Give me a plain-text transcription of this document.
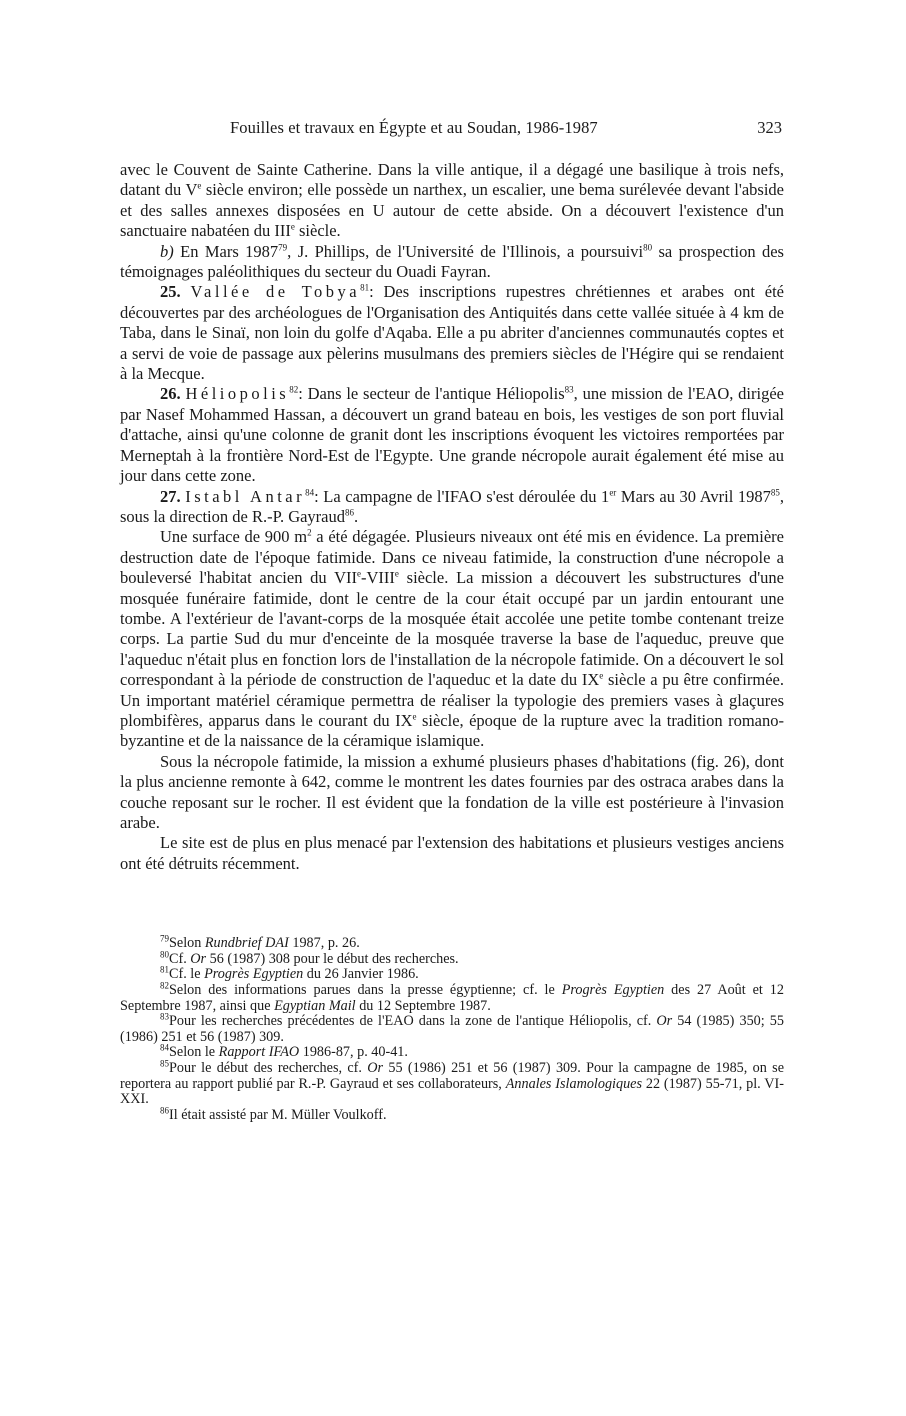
Fouilles et travaux en Égypte et au Soudan, 1986-1987	323

avec le Couvent de Sainte Catherine. Dans la ville antique, il a dégagé une basilique à trois nefs, datant du Ve siècle environ; elle possède un narthex, un escalier, une bema surélevée devant l'abside et des salles annexes disposées en U autour de cette abside. On a découvert l'existence d'un sanctuaire nabatéen du IIIe siècle.

b) En Mars 1987$^{79}$, J. Phillips, de l'Université de l'Illinois, a poursuivi$^{80}$ sa prospection des témoignages paléolithiques du secteur du Ouadi Fayran.

25. Vallée de Tobya$^{81}$: Des inscriptions rupestres chrétiennes et arabes ont été découvertes par des archéologues de l'Organisation des Antiquités dans cette vallée située à 4 km de Taba, dans le Sinaï, non loin du golfe d'Aqaba. Elle a pu abriter d'anciennes communautés coptes et a servi de voie de passage aux pèlerins musulmans des premiers siècles de l'Hégire qui se rendaient à la Mecque.

26. Héliopolis$^{82}$: Dans le secteur de l'antique Héliopolis$^{83}$, une mission de l'EAO, dirigée par Nasef Mohammed Hassan, a découvert un grand bateau en bois, les vestiges de son port fluvial d'attache, ainsi qu'une colonne de granit dont les inscriptions évoquent les victoires remportées par Merneptah à la frontière Nord-Est de l'Egypte. Une grande nécropole aurait également été mise au jour dans cette zone.

27. Istabl Antar$^{84}$: La campagne de l'IFAO s'est déroulée du 1er Mars au 30 Avril 1987$^{85}$, sous la direction de R.-P. Gayraud$^{86}$.

Une surface de 900 $m^2$ a été dégagée. Plusieurs niveaux ont été mis en évidence. La première destruction date de l'époque fatimide. Dans ce niveau fatimide, la construction d'une nécropole a bouleversé l'habitat ancien du VIIe-VIIIe siècle. La mission a découvert les substructures d'une mosquée funéraire fatimide, dont le centre de la cour était occupé par un jardin entourant une tombe. A l'extérieur de l'avant-corps de la mosquée était accolée une petite tombe contenant treize corps. La partie Sud du mur d'enceinte de la mosquée traverse la base de l'aqueduc, preuve que l'aqueduc n'était plus en fonction lors de l'installation de la nécropole fatimide. On a découvert le sol correspondant à la période de construction de l'aqueduc et la date du IXe siècle a pu être confirmée. Un important matériel céramique permettra de réaliser la typologie des premiers vases à glaçures plombifères, apparus dans le courant du IXe siècle, époque de la rupture avec la tradition romano-byzantine et de la naissance de la céramique islamique.

Sous la nécropole fatimide, la mission a exhumé plusieurs phases d'habitations (fig. 26), dont la plus ancienne remonte à 642, comme le montrent les dates fournies par des ostraca arabes dans la couche reposant sur le rocher. Il est évident que la fondation de la ville est postérieure à l'invasion arabe.

Le site est de plus en plus menacé par l'extension des habitations et plusieurs vestiges anciens ont été détruits récemment.

$^{79}$Selon Rundbrief DAI 1987, p. 26.

$^{80}$Cf. Or 56 (1987) 308 pour le début des recherches.

$^{81}$Cf. le Progrès Egyptien du 26 Janvier 1986.

$^{82}$Selon des informations parues dans la presse égyptienne; cf. le Progrès Egyptien des 27 Août et 12 Septembre 1987, ainsi que Egyptian Mail du 12 Septembre 1987.

$^{83}$Pour les recherches précédentes de l'EAO dans la zone de l'antique Héliopolis, cf. Or 54 (1985) 350; 55 (1986) 251 et 56 (1987) 309.

$^{84}$Selon le Rapport IFAO 1986-87, p. 40-41.

$^{85}$Pour le début des recherches, cf. Or 55 (1986) 251 et 56 (1987) 309. Pour la campagne de 1985, on se reportera au rapport publié par R.-P. Gayraud et ses collaborateurs, Annales Islamologiques 22 (1987) 55-71, pl. VI-XXI.

$^{86}$Il était assisté par M. Müller Voulkoff.
